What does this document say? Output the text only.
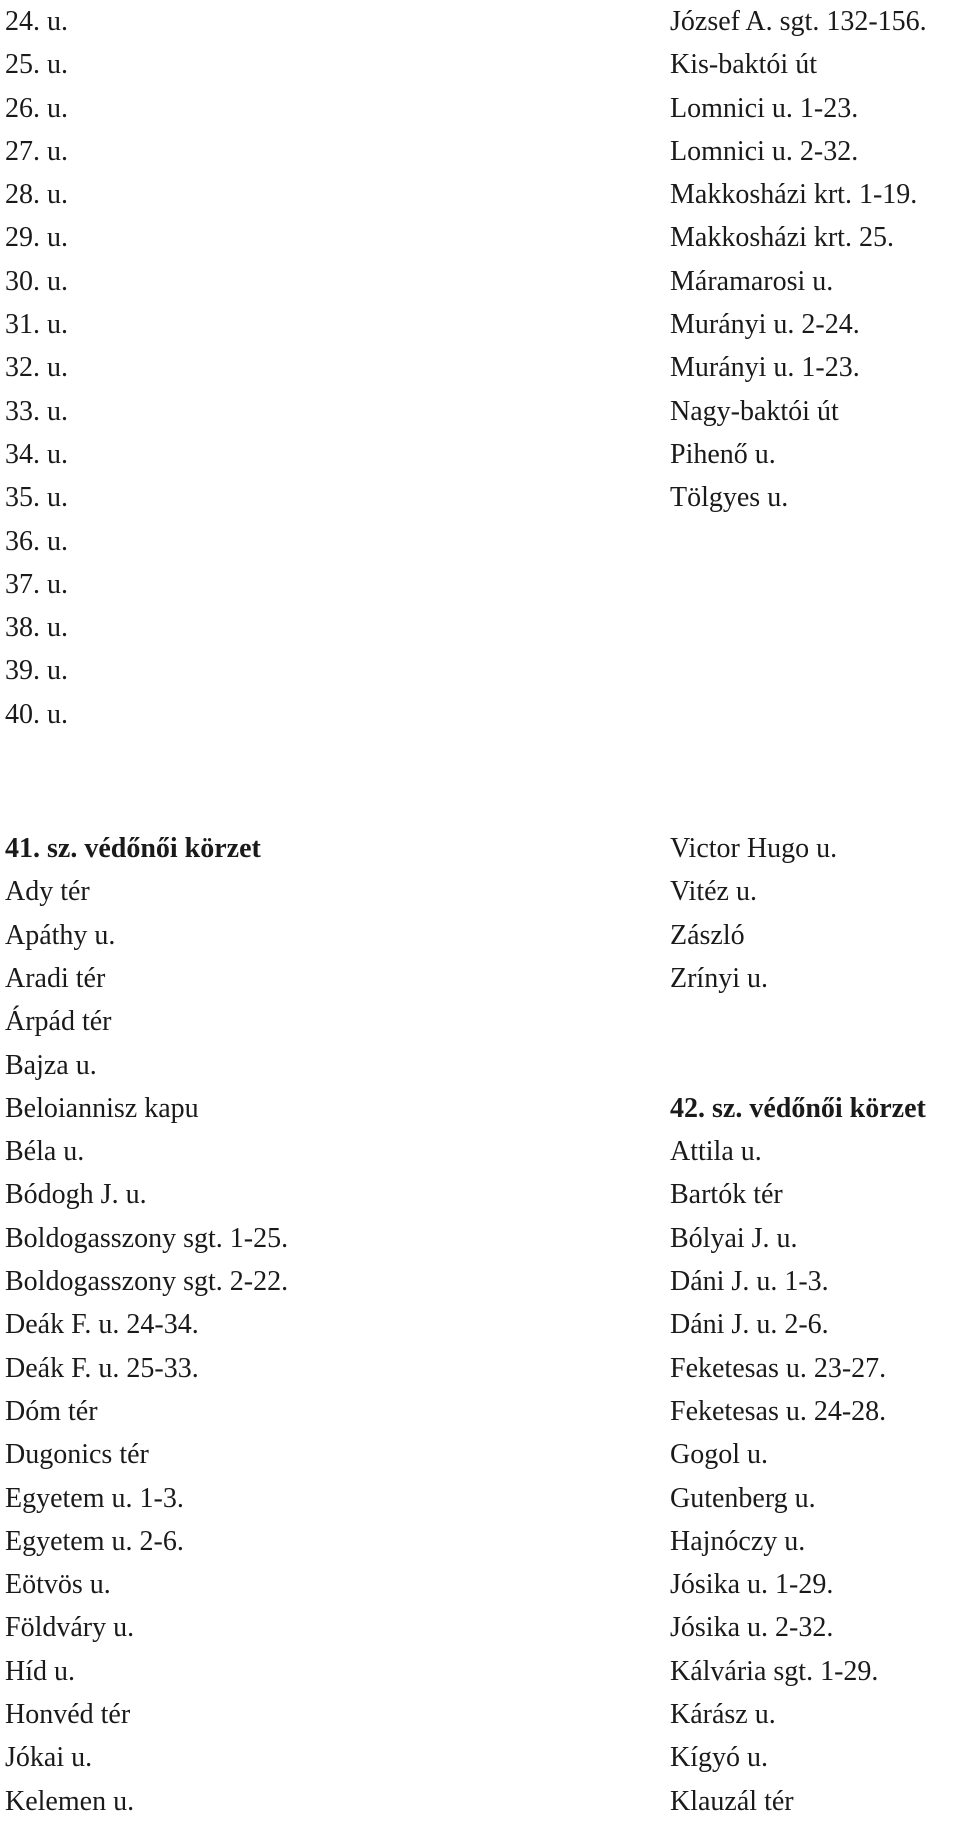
24. u.
25. u.
26. u.
27. u.
28. u.
29. u.
30. u.
31. u.
32. u.
33. u.
34. u.
35. u.
36. u.
37. u.
38. u.
39. u.
40. u.
41. sz. védőnői körzet
Ady tér
Apáthy u.
Aradi tér
Árpád tér
Bajza u.
Beloiannisz kapu
Béla u.
Bódogh J. u.
Boldogasszony sgt. 1-25.
Boldogasszony sgt. 2-22.
Deák F. u. 24-34.
Deák F. u. 25-33.
Dóm tér
Dugonics tér
Egyetem u. 1-3.
Egyetem u. 2-6.
Eötvös u.
Földváry u.
Híd u.
Honvéd tér
Jókai u.
Kelemen u.
József A. sgt. 132-156.
Kis-baktói út
Lomnici u. 1-23.
Lomnici u. 2-32.
Makkosházi krt. 1-19.
Makkosházi krt. 25.
Máramarosi u.
Murányi u. 2-24.
Murányi u. 1-23.
Nagy-baktói út
Pihenő u.
Tölgyes u.
Victor Hugo u.
Vitéz u.
Zászló
Zrínyi u.
42. sz. védőnői körzet
Attila u.
Bartók tér
Bólyai J. u.
Dáni J. u. 1-3.
Dáni J. u. 2-6.
Feketesas u. 23-27.
Feketesas u. 24-28.
Gogol u.
Gutenberg u.
Hajnóczy u.
Jósika u. 1-29.
Jósika u. 2-32.
Kálvária sgt. 1-29.
Kárász u.
Kígyó u.
Klauzál tér
